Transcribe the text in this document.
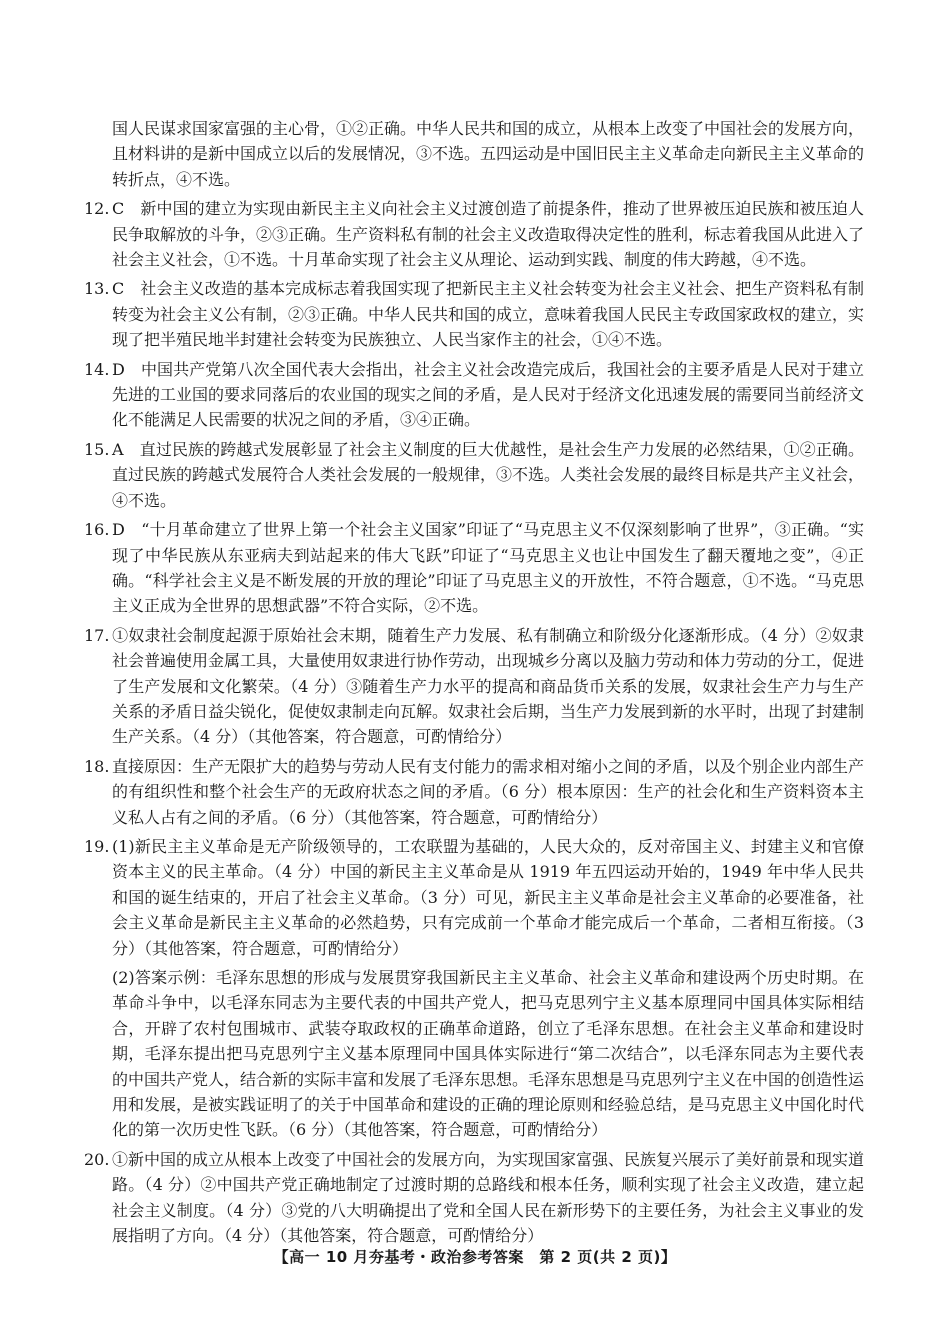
国人民谋求国家富强的主心骨，①②正确。中华人民共和国的成立，从根本上改变了中国社会的发展方向，且材料讲的是新中国成立以后的发展情况，③不选。五四运动是中国旧民主主义革命走向新民主主义革命的转折点，④不选。

12. C　新中国的建立为实现由新民主主义向社会主义过渡创造了前提条件，推动了世界被压迫民族和被压迫人民争取解放的斗争，②③正确。生产资料私有制的社会主义改造取得决定性的胜利，标志着我国从此进入了社会主义社会，①不选。十月革命实现了社会主义从理论、运动到实践、制度的伟大跨越，④不选。

13. C　社会主义改造的基本完成标志着我国实现了把新民主主义社会转变为社会主义社会、把生产资料私有制转变为社会主义公有制，②③正确。中华人民共和国的成立，意味着我国人民民主专政国家政权的建立，实现了把半殖民地半封建社会转变为民族独立、人民当家作主的社会，①④不选。

14. D　中国共产党第八次全国代表大会指出，社会主义社会改造完成后，我国社会的主要矛盾是人民对于建立先进的工业国的要求同落后的农业国的现实之间的矛盾，是人民对于经济文化迅速发展的需要同当前经济文化不能满足人民需要的状况之间的矛盾，③④正确。

15. A　直过民族的跨越式发展彰显了社会主义制度的巨大优越性，是社会生产力发展的必然结果，①②正确。直过民族的跨越式发展符合人类社会发展的一般规律，③不选。人类社会发展的最终目标是共产主义社会，④不选。

16. D　“十月革命建立了世界上第一个社会主义国家”印证了“马克思主义不仅深刻影响了世界”，③正确。“实现了中华民族从东亚病夫到站起来的伟大飞跃”印证了“马克思主义也让中国发生了翻天覆地之变”，④正确。“科学社会主义是不断发展的开放的理论”印证了马克思主义的开放性，不符合题意，①不选。“马克思主义正成为全世界的思想武器”不符合实际，②不选。

17. ①奴隶社会制度起源于原始社会末期，随着生产力发展、私有制确立和阶级分化逐渐形成。（4 分）②奴隶社会普遍使用金属工具，大量使用奴隶进行协作劳动，出现城乡分离以及脑力劳动和体力劳动的分工，促进了生产发展和文化繁荣。（4 分）③随着生产力水平的提高和商品货币关系的发展，奴隶社会生产力与生产关系的矛盾日益尖锐化，促使奴隶制走向瓦解。奴隶社会后期，当生产力发展到新的水平时，出现了封建制生产关系。（4 分）（其他答案，符合题意，可酌情给分）

18. 直接原因：生产无限扩大的趋势与劳动人民有支付能力的需求相对缩小之间的矛盾，以及个别企业内部生产的有组织性和整个社会生产的无政府状态之间的矛盾。（6 分）根本原因：生产的社会化和生产资料资本主义私人占有之间的矛盾。（6 分）（其他答案，符合题意，可酌情给分）

19. (1)新民主主义革命是无产阶级领导的，工农联盟为基础的，人民大众的，反对帝国主义、封建主义和官僚资本主义的民主革命。（4 分）中国的新民主主义革命是从 1919 年五四运动开始的，1949 年中华人民共和国的诞生结束的，开启了社会主义革命。（3 分）可见，新民主主义革命是社会主义革命的必要准备，社会主义革命是新民主主义革命的必然趋势，只有完成前一个革命才能完成后一个革命，二者相互衔接。（3 分）（其他答案，符合题意，可酌情给分）

(2)答案示例：毛泽东思想的形成与发展贯穿我国新民主主义革命、社会主义革命和建设两个历史时期。在革命斗争中，以毛泽东同志为主要代表的中国共产党人，把马克思列宁主义基本原理同中国具体实际相结合，开辟了农村包围城市、武装夺取政权的正确革命道路，创立了毛泽东思想。在社会主义革命和建设时期，毛泽东提出把马克思列宁主义基本原理同中国具体实际进行“第二次结合”，以毛泽东同志为主要代表的中国共产党人，结合新的实际丰富和发展了毛泽东思想。毛泽东思想是马克思列宁主义在中国的创造性运用和发展，是被实践证明了的关于中国革命和建设的正确的理论原则和经验总结，是马克思主义中国化时代化的第一次历史性飞跃。（6 分）（其他答案，符合题意，可酌情给分）

20. ①新中国的成立从根本上改变了中国社会的发展方向，为实现国家富强、民族复兴展示了美好前景和现实道路。（4 分）②中国共产党正确地制定了过渡时期的总路线和根本任务，顺利实现了社会主义改造，建立起社会主义制度。（4 分）③党的八大明确提出了党和全国人民在新形势下的主要任务，为社会主义事业的发展指明了方向。（4 分）（其他答案，符合题意，可酌情给分）

【高一 10 月夯基考・政治参考答案　第 2 页(共 2 页)】
